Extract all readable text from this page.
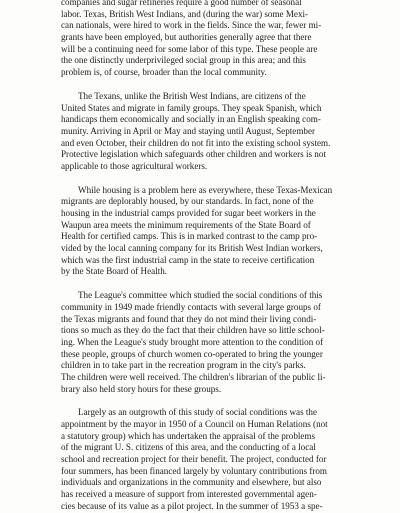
companies and sugar refineries require a good number of seasonal
labor. Texas, British West Indians, and (during the war) some Mexi-
can nationals, were hired to work in the fields. Since the war, fewer mi-
grants have been employed, but authorities generally agree that there
will be a continuing need for some labor of this type. These people are
the one distinctly underprivileged social group in this area; and this
problem is, of course, broader than the local community.

The Texans, unlike the British West Indians, are citizens of the
United States and migrate in family groups. They speak Spanish, which
handicaps them economically and socially in an English speaking com-
munity. Arriving in April or May and staying until August, September
and even October, their children do not fit into the existing school system.
Protective legislation which safeguards other children and workers is not
applicable to those agricultural workers.

While housing is a problem here as everywhere, these Texas-Mexican
migrants are deplorably housed, by our standards. In fact, none of the
housing in the industrial camps provided for sugar beet workers in the
Waupun area meets the minimum requirements of the State Board of
Health for certified camps. This is in marked contrast to the camp pro-
vided by the local canning company for its British West Indian workers,
which was the first industrial camp in the state to receive certification
by the State Board of Health.

The League's committee which studied the social conditions of this
community in 1949 made friendly contacts with several large groups of
the Texas migrants and found that they do not mind their living condi-
tions so much as they do the fact that their children have so little school-
ing. When the League's study brought more attention to the condition of
these people, groups of church women co-operated to bring the younger
children in to take part in the recreation program in the city's parks.
The children were well received. The children's librarian of the public li-
brary also held story hours for these groups.

Largely as an outgrowth of this study of social conditions was the
appointment by the mayor in 1950 of a Council on Human Relations (not
a statutory group) which has undertaken the appraisal of the problems
of the migrant U. S. citizens of this area, and the conducting of a local
school and recreation project for their benefit. The project, conducted for
four summers, has been financed largely by voluntary contributions from
individuals and organizations in the community and elsewhere, but also
has received a measure of support from interested governmental agen-
cies because of its value as a pilot project. In the summer of 1953 a spe-
